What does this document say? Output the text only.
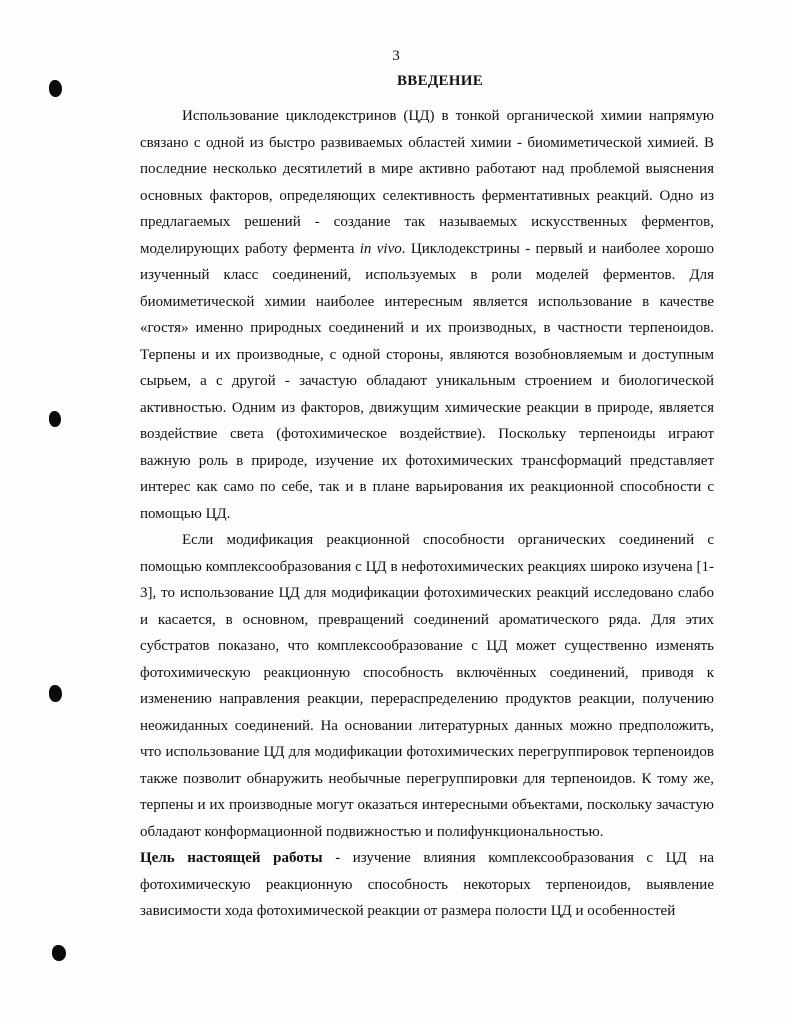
3
ВВЕДЕНИЕ

Использование циклодекстринов (ЦД) в тонкой органической химии напрямую связано с одной из быстро развиваемых областей химии - биомиметической химией. В последние несколько десятилетий в мире активно работают над проблемой выяснения основных факторов, определяющих селективность ферментативных реакций. Одно из предлагаемых решений - создание так называемых искусственных ферментов, моделирующих работу фермента in vivo. Циклодекстрины - первый и наиболее хорошо изученный класс соединений, используемых в роли моделей ферментов. Для биомиметической химии наиболее интересным является использование в качестве «гостя» именно природных соединений и их производных, в частности терпеноидов. Терпены и их производные, с одной стороны, являются возобновляемым и доступным сырьем, а с другой - зачастую обладают уникальным строением и биологической активностью. Одним из факторов, движущим химические реакции в природе, является воздействие света (фотохимическое воздействие). Поскольку терпеноиды играют важную роль в природе, изучение их фотохимических трансформаций представляет интерес как само по себе, так и в плане варьирования их реакционной способности с помощью ЦД.

Если модификация реакционной способности органических соединений с помощью комплексообразования с ЦД в нефотохимических реакциях широко изучена [1-3], то использование ЦД для модификации фотохимических реакций исследовано слабо и касается, в основном, превращений соединений ароматического ряда. Для этих субстратов показано, что комплексообразование с ЦД может существенно изменять фотохимическую реакционную способность включённых соединений, приводя к изменению направления реакции, перераспределению продуктов реакции, получению неожиданных соединений. На основании литературных данных можно предположить, что использование ЦД для модификации фотохимических перегруппировок терпеноидов также позволит обнаружить необычные перегруппировки для терпеноидов. К тому же, терпены и их производные могут оказаться интересными объектами, поскольку зачастую обладают конформационной подвижностью и полифункциональностью.

Цель настоящей работы - изучение влияния комплексообразования с ЦД на фотохимическую реакционную способность некоторых терпеноидов, выявление зависимости хода фотохимической реакции от размера полости ЦД и особенностей
